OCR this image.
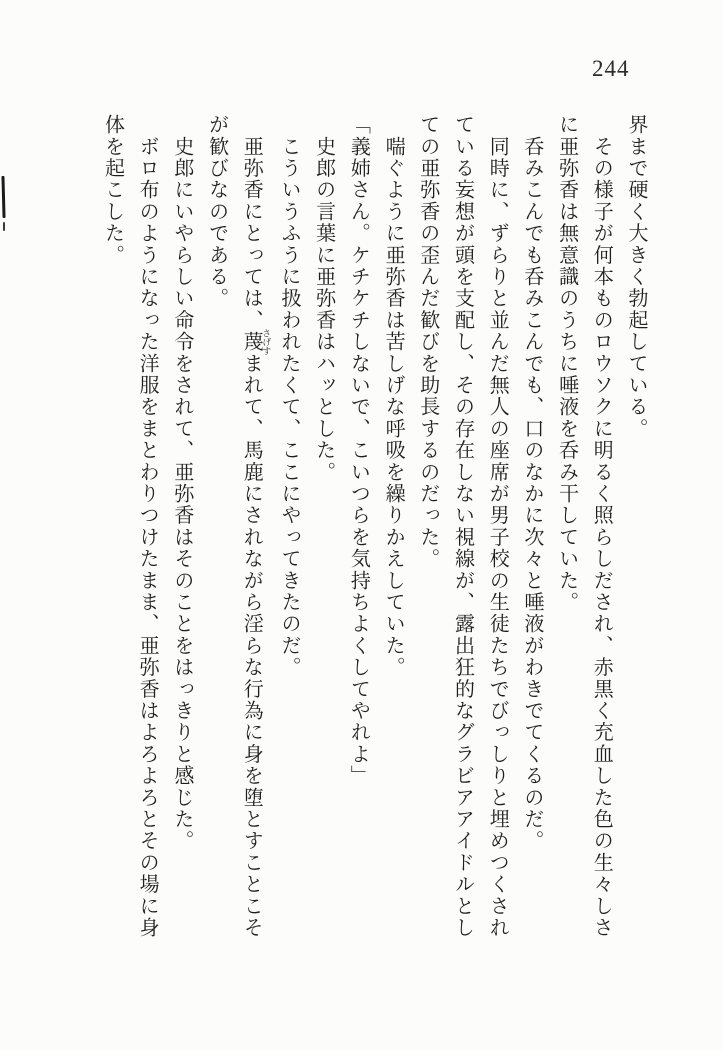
244

界まで硬く大きく勃起している。

　その様子が何本ものロウソクに明るく照らしだされ、赤黒く充血した色の生々しさ

に亜弥香は無意識のうちに唾液を呑み干していた。

　呑みこんでも呑みこんでも、口のなかに次々と唾液がわきでてくるのだ。

　同時に、ずらりと並んだ無人の座席が男子校の生徒たちでびっしりと埋めつくされ

ている妄想が頭を支配し、その存在しない視線が、露出狂的なグラビアアイドルとし

ての亜弥香の歪んだ歓びを助長するのだった。

　喘ぐように亜弥香は苦しげな呼吸を繰りかえしていた。

「義姉さん。ケチケチしないで、こいつらを気持ちよくしてやれよ」

　史郎の言葉に亜弥香はハッとした。

　こういうふうに扱われたくて、ここにやってきたのだ。

　亜弥香にとっては、蔑 さげすまれて、馬鹿にされながら淫らな行為に身を堕とすことこそ

が歓びなのである。

　史郎にいやらしい命令をされて、亜弥香はそのことをはっきりと感じた。

　ボロ布のようになった洋服をまとわりつけたまま、亜弥香はよろよろとその場に身

体を起こした。
